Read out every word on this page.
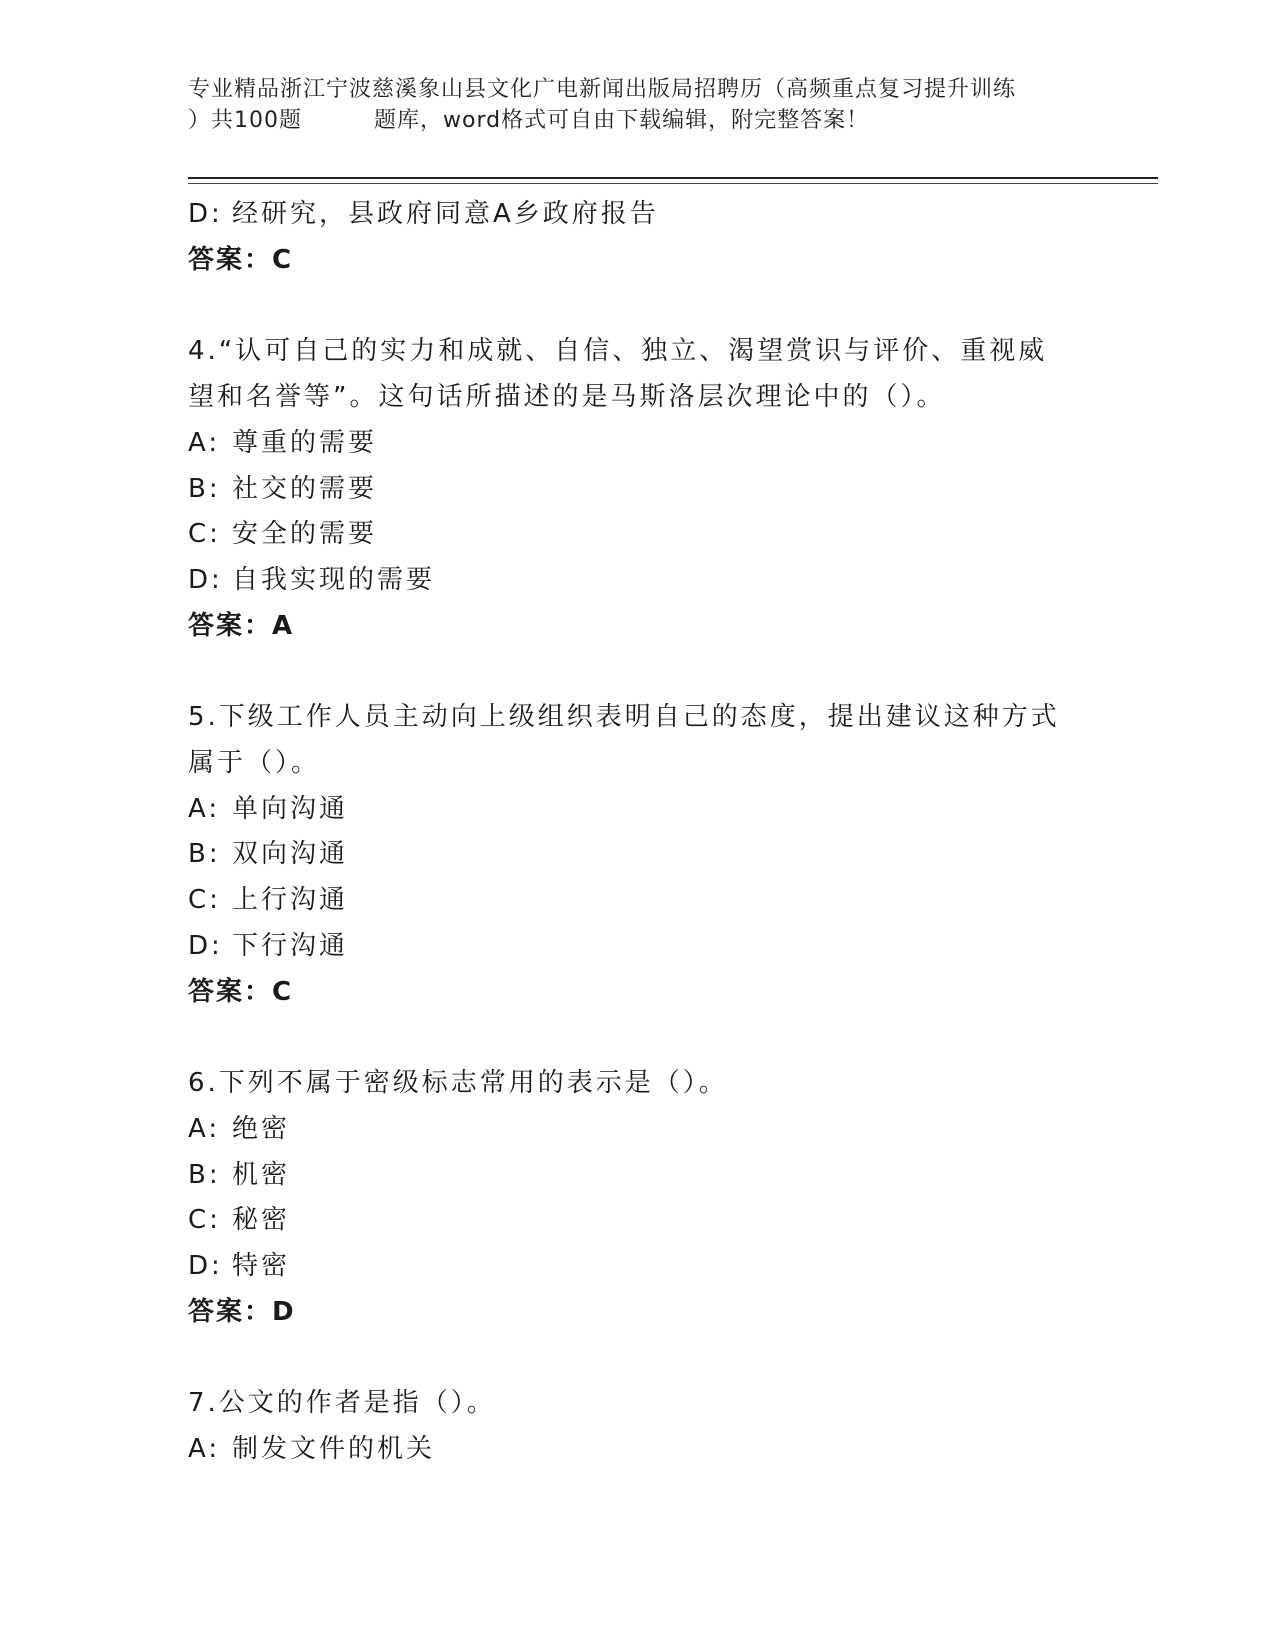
专业精品浙江宁波慈溪象山县文化广电新闻出版局招聘历（高频重点复习提升训练
）共100题	题库，word格式可自由下载编辑，附完整答案！
D: 经研究，县政府同意A乡政府报告
答案：C
4.“认可自己的实力和成就、自信、独立、渴望赏识与评价、重视威
望和名誉等”。这句话所描述的是马斯洛层次理论中的（）。
A: 尊重的需要
B: 社交的需要
C: 安全的需要
D: 自我实现的需要
答案：A
5.下级工作人员主动向上级组织表明自己的态度，提出建议这种方式
属于（）。
A: 单向沟通
B: 双向沟通
C: 上行沟通
D: 下行沟通
答案：C
6.下列不属于密级标志常用的表示是（）。
A: 绝密
B: 机密
C: 秘密
D: 特密
答案：D
7.公文的作者是指（）。
A: 制发文件的机关
